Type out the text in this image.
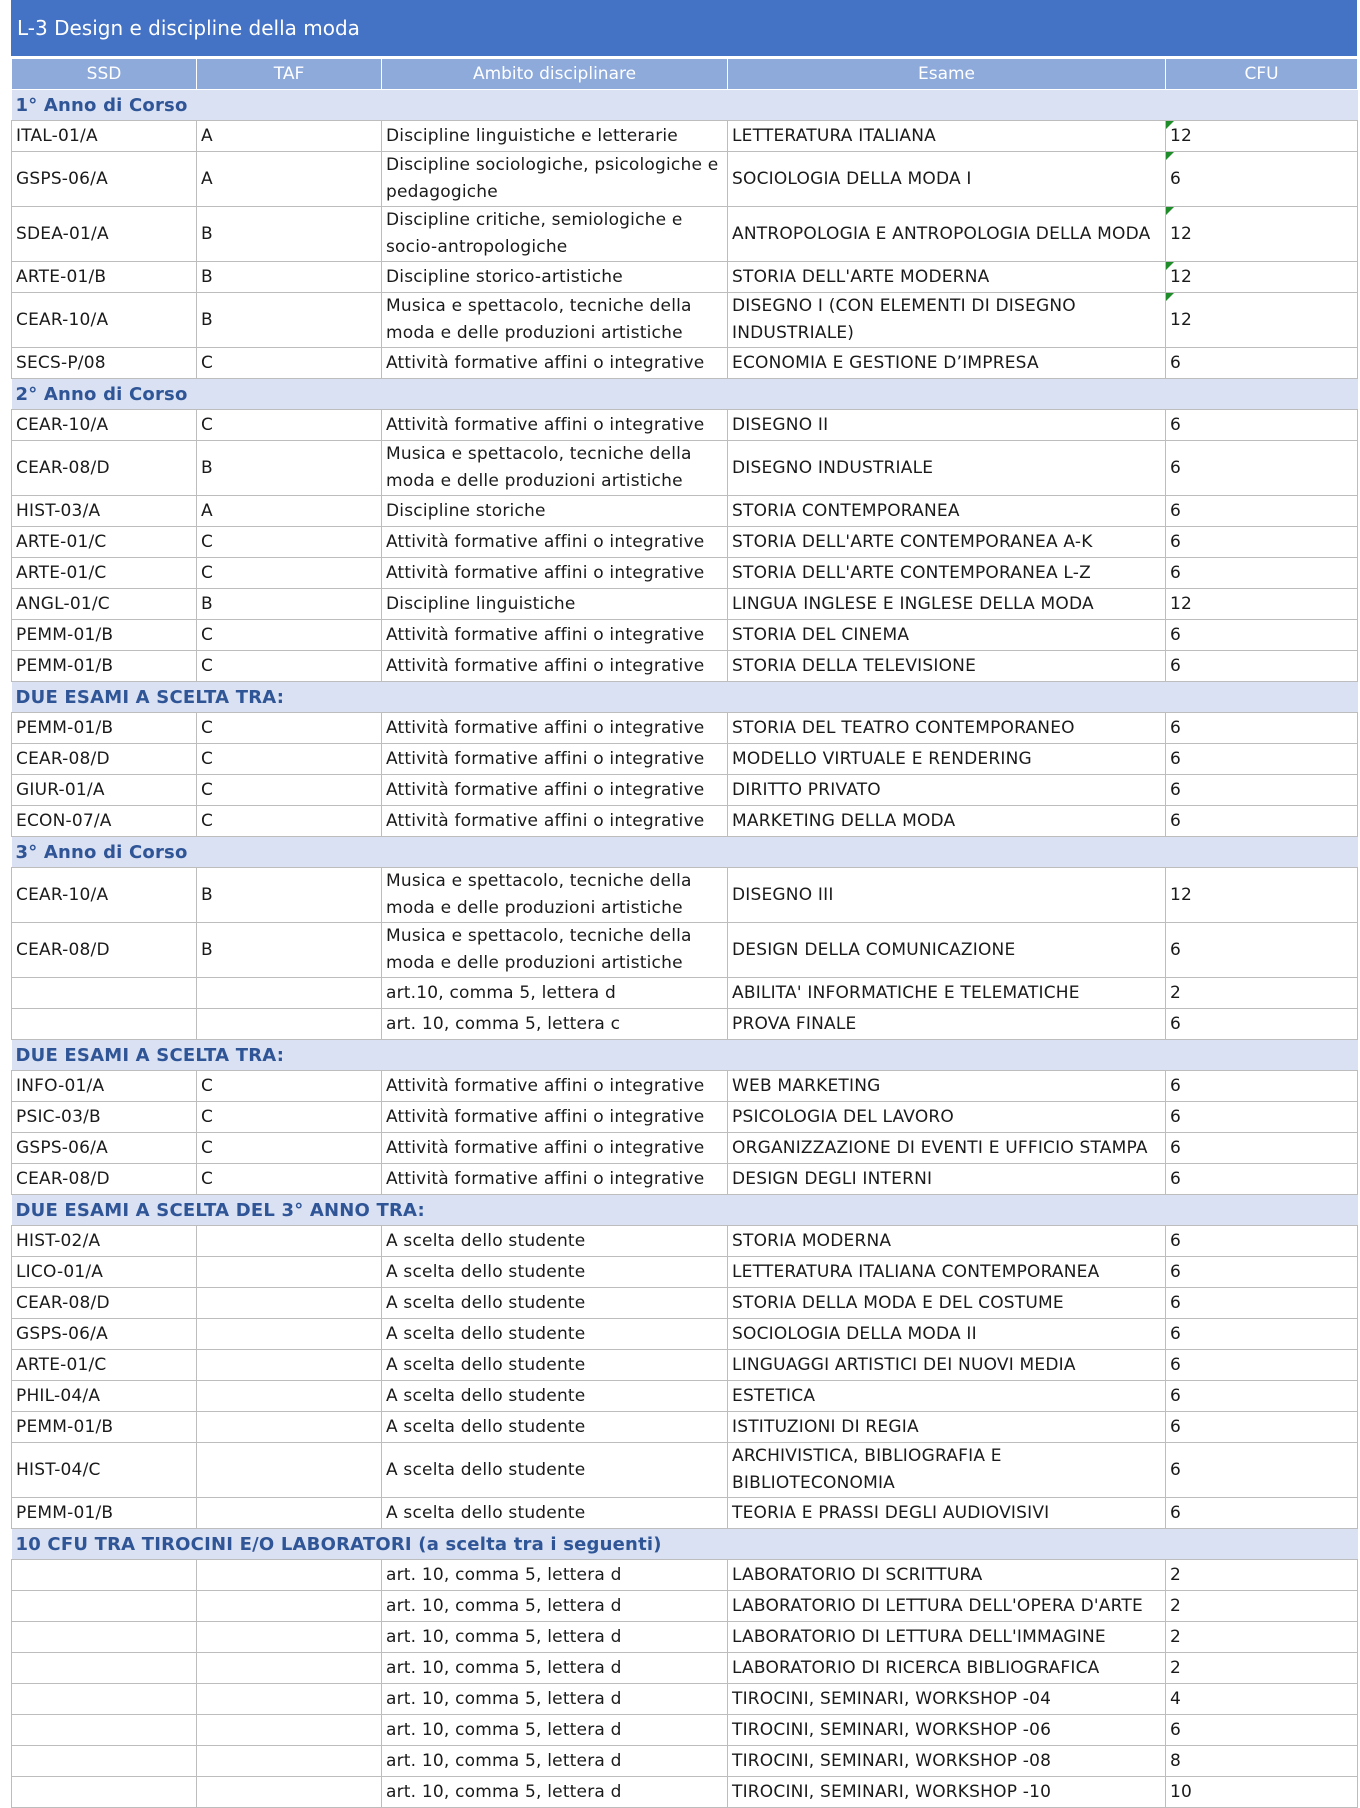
L-3 Design e discipline della moda
SSD	TAF	Ambito disciplinare	Esame	CFU
1° Anno di Corso				
ITAL-01/A	A	Discipline linguistiche e letterarie	LETTERATURA ITALIANA	12

GSPS-06/A	A	Discipline sociologiche, psicologiche e pedagogiche	SOCIOLOGIA DELLA MODA I	6

SDEA-01/A	B	Discipline critiche, semiologiche e socio-antropologiche	ANTROPOLOGIA E ANTROPOLOGIA DELLA MODA	12

ARTE-01/B	B	Discipline storico-artistiche	STORIA DELL'ARTE MODERNA	12

CEAR-10/A	B	Musica e spettacolo, tecniche della moda e delle produzioni artistiche	DISEGNO I (CON ELEMENTI DI DISEGNO INDUSTRIALE)	12

SECS-P/08	C	Attività formative affini o integrative	ECONOMIA E GESTIONE D’IMPRESA	6
2° Anno di Corso				
CEAR-10/A	C	Attività formative affini o integrative	DISEGNO II	6
CEAR-08/D	B	Musica e spettacolo, tecniche della moda e delle produzioni artistiche	DISEGNO INDUSTRIALE	6
HIST-03/A	A	Discipline storiche	STORIA CONTEMPORANEA	6
ARTE-01/C	C	Attività formative affini o integrative	STORIA DELL'ARTE CONTEMPORANEA A-K	6
ARTE-01/C	C	Attività formative affini o integrative	STORIA DELL'ARTE CONTEMPORANEA L-Z	6
ANGL-01/C	B	Discipline linguistiche	LINGUA INGLESE E INGLESE DELLA MODA	12
PEMM-01/B	C	Attività formative affini o integrative	STORIA DEL CINEMA	6
PEMM-01/B	C	Attività formative affini o integrative	STORIA DELLA TELEVISIONE	6
DUE ESAMI A SCELTA TRA:				
PEMM-01/B	C	Attività formative affini o integrative	STORIA DEL TEATRO CONTEMPORANEO	6
CEAR-08/D	C	Attività formative affini o integrative	MODELLO VIRTUALE E RENDERING	6
GIUR-01/A	C	Attività formative affini o integrative	DIRITTO PRIVATO	6
ECON-07/A	C	Attività formative affini o integrative	MARKETING DELLA MODA	6
3° Anno di Corso				
CEAR-10/A	B	Musica e spettacolo, tecniche della moda e delle produzioni artistiche	DISEGNO III	12
CEAR-08/D	B	Musica e spettacolo, tecniche della moda e delle produzioni artistiche	DESIGN DELLA COMUNICAZIONE	6
		art.10, comma 5, lettera d	ABILITA' INFORMATICHE E TELEMATICHE	2
		art. 10, comma 5, lettera c	PROVA FINALE	6
DUE ESAMI A SCELTA TRA:				
INFO-01/A	C	Attività formative affini o integrative	WEB MARKETING	6
PSIC-03/B	C	Attività formative affini o integrative	PSICOLOGIA DEL LAVORO	6
GSPS-06/A	C	Attività formative affini o integrative	ORGANIZZAZIONE DI EVENTI E UFFICIO STAMPA	6
CEAR-08/D	C	Attività formative affini o integrative	DESIGN DEGLI INTERNI	6
DUE ESAMI A SCELTA DEL 3° ANNO TRA:				
HIST-02/A		A scelta dello studente	STORIA MODERNA	6
LICO-01/A		A scelta dello studente	LETTERATURA ITALIANA CONTEMPORANEA	6
CEAR-08/D		A scelta dello studente	STORIA DELLA MODA E DEL COSTUME	6
GSPS-06/A		A scelta dello studente	SOCIOLOGIA DELLA MODA II	6
ARTE-01/C		A scelta dello studente	LINGUAGGI ARTISTICI DEI NUOVI MEDIA	6
PHIL-04/A		A scelta dello studente	ESTETICA	6
PEMM-01/B		A scelta dello studente	ISTITUZIONI DI REGIA	6
HIST-04/C		A scelta dello studente	ARCHIVISTICA, BIBLIOGRAFIA E BIBLIOTECONOMIA	6
PEMM-01/B		A scelta dello studente	TEORIA E PRASSI DEGLI AUDIOVISIVI	6
10 CFU TRA TIROCINI E/O LABORATORI (a scelta tra i seguenti)				
		art. 10, comma 5, lettera d	LABORATORIO DI SCRITTURA	2
		art. 10, comma 5, lettera d	LABORATORIO DI LETTURA DELL'OPERA D'ARTE	2
		art. 10, comma 5, lettera d	LABORATORIO DI LETTURA DELL'IMMAGINE	2
		art. 10, comma 5, lettera d	LABORATORIO DI RICERCA BIBLIOGRAFICA	2
		art. 10, comma 5, lettera d	TIROCINI, SEMINARI, WORKSHOP -04	4
		art. 10, comma 5, lettera d	TIROCINI, SEMINARI, WORKSHOP -06	6
		art. 10, comma 5, lettera d	TIROCINI, SEMINARI, WORKSHOP -08	8
		art. 10, comma 5, lettera d	TIROCINI, SEMINARI, WORKSHOP -10	10
